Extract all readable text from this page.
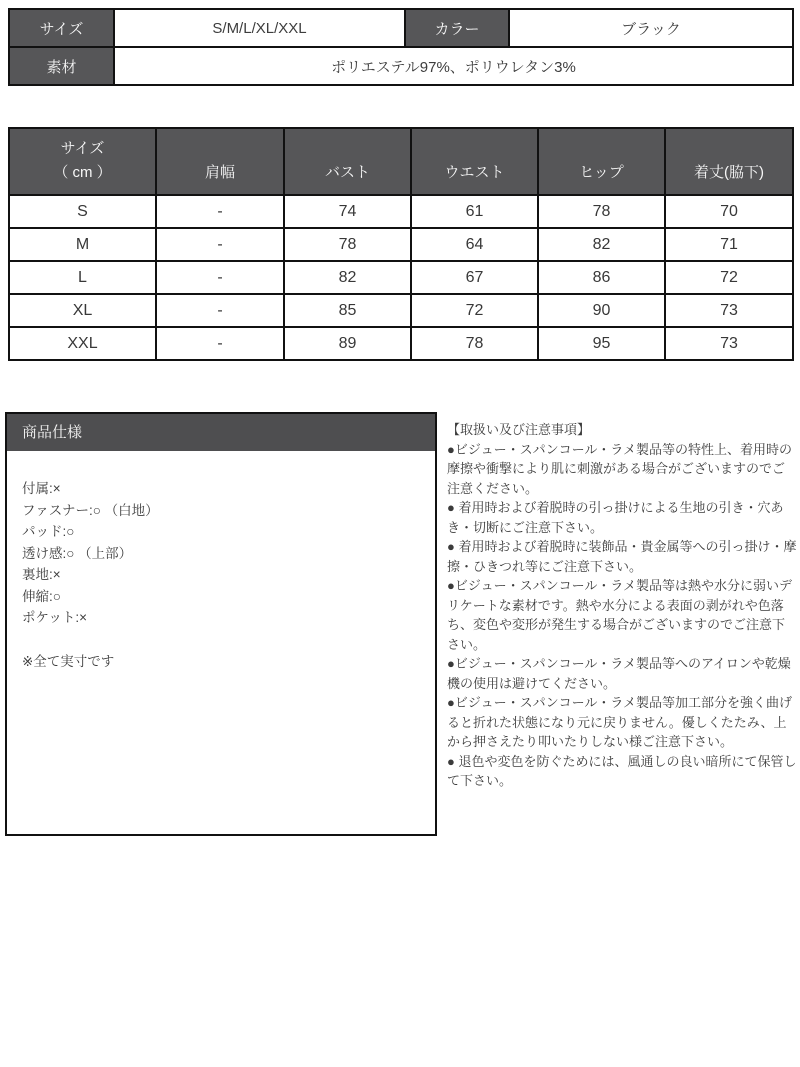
サイズ	S/M/L/XL/XXL	カラー	ブラック
素材	ポリエステル97%、ポリウレタン3%		
サイズ
（ cm ）	肩幅	バスト	ウエスト	ヒップ	着丈(脇下)
S	-	74	61	78	70
M	-	78	64	82	71
L	-	82	67	86	72
XL	-	85	72	90	73
XXL	-	89	78	95	73
商品仕様
付属:×
ファスナー:○ （白地）
パッド:○
透け感:○ （上部）
裏地:×
伸縮:○
ポケット:×
※全て実寸です
【取扱い及び注意事項】
●ビジュー・スパンコール・ラメ製品等の特性上、着用時の摩擦や衝撃により肌に刺激がある場合がございますのでご注意ください。
● 着用時および着脱時の引っ掛けによる生地の引き・穴あき・切断にご注意下さい。
● 着用時および着脱時に装飾品・貴金属等への引っ掛け・摩擦・ひきつれ等にご注意下さい。
●ビジュー・スパンコール・ラメ製品等は熱や水分に弱いデリケートな素材です。熱や水分による表面の剥がれや色落ち、変色や変形が発生する場合がございますのでご注意下さい。
●ビジュー・スパンコール・ラメ製品等へのアイロンや乾燥機の使用は避けてください。
●ビジュー・スパンコール・ラメ製品等加工部分を強く曲げると折れた状態になり元に戻りません。優しくたたみ、上から押さえたり叩いたりしない様ご注意下さい。
● 退色や変色を防ぐためには、風通しの良い暗所にて保管して下さい。
